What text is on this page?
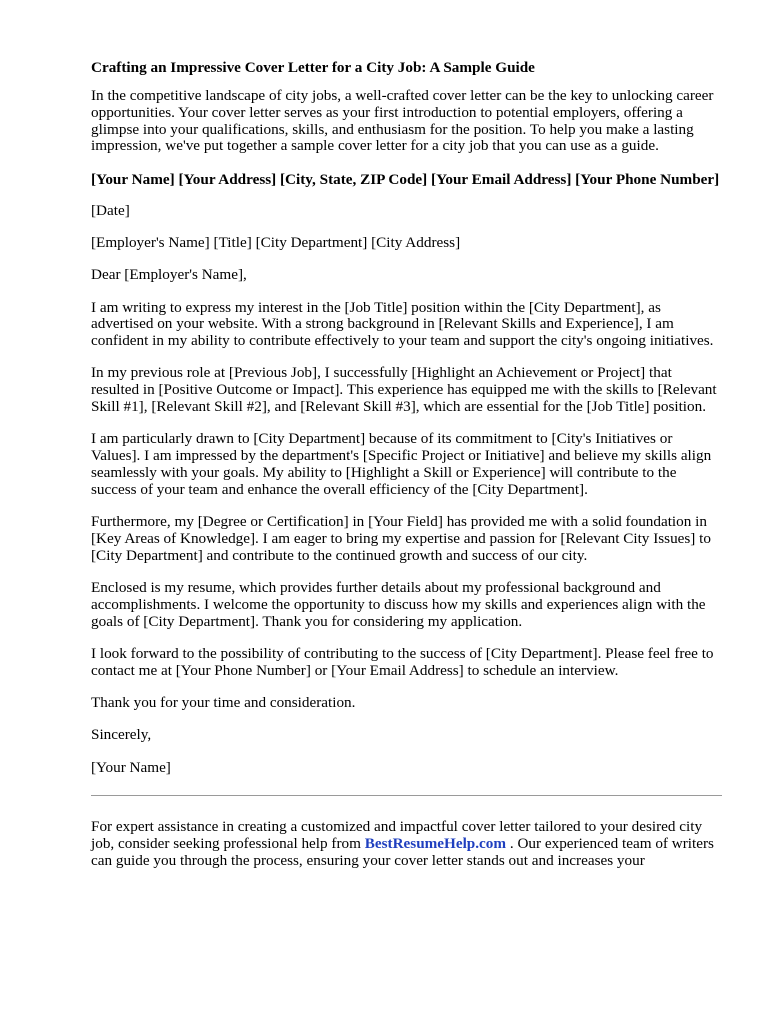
Crafting an Impressive Cover Letter for a City Job: A Sample Guide

In the competitive landscape of city jobs, a well-crafted cover letter can be the key to unlocking career opportunities. Your cover letter serves as your first introduction to potential employers, offering a glimpse into your qualifications, skills, and enthusiasm for the position. To help you make a lasting impression, we've put together a sample cover letter for a city job that you can use as a guide.

[Your Name] [Your Address] [City, State, ZIP Code] [Your Email Address] [Your Phone Number]

[Date]

[Employer's Name] [Title] [City Department] [City Address]

Dear [Employer's Name],

I am writing to express my interest in the [Job Title] position within the [City Department], as advertised on your website. With a strong background in [Relevant Skills and Experience], I am confident in my ability to contribute effectively to your team and support the city's ongoing initiatives.

In my previous role at [Previous Job], I successfully [Highlight an Achievement or Project] that resulted in [Positive Outcome or Impact]. This experience has equipped me with the skills to [Relevant Skill #1], [Relevant Skill #2], and [Relevant Skill #3], which are essential for the [Job Title] position.

I am particularly drawn to [City Department] because of its commitment to [City's Initiatives or Values]. I am impressed by the department's [Specific Project or Initiative] and believe my skills align seamlessly with your goals. My ability to [Highlight a Skill or Experience] will contribute to the success of your team and enhance the overall efficiency of the [City Department].

Furthermore, my [Degree or Certification] in [Your Field] has provided me with a solid foundation in [Key Areas of Knowledge]. I am eager to bring my expertise and passion for [Relevant City Issues] to [City Department] and contribute to the continued growth and success of our city.

Enclosed is my resume, which provides further details about my professional background and accomplishments. I welcome the opportunity to discuss how my skills and experiences align with the goals of [City Department]. Thank you for considering my application.

I look forward to the possibility of contributing to the success of [City Department]. Please feel free to contact me at [Your Phone Number] or [Your Email Address] to schedule an interview.

Thank you for your time and consideration.

Sincerely,

[Your Name]

For expert assistance in creating a customized and impactful cover letter tailored to your desired city job, consider seeking professional help from BestResumeHelp.com . Our experienced team of writers can guide you through the process, ensuring your cover letter stands out and increases your
